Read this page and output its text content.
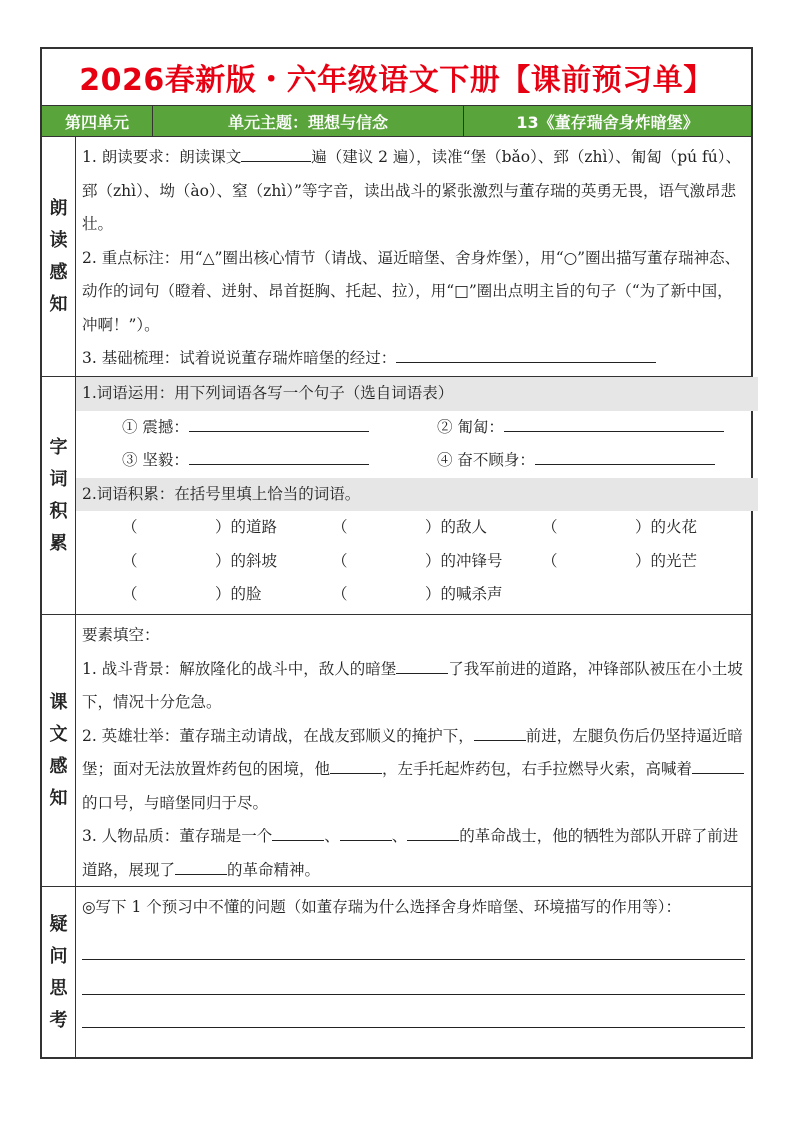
2026春新版・六年级语文下册【课前预习单】
第四单元	单元主题：理想与信念	13《董存瑞舍身炸暗堡》
朗
读
感
知
1. 朗读要求：朗读课文	遍（建议 2 遍），读准“堡（bǎo）、郅（zhì）、匍匐（pú fú）、郅（zhì）、坳（ào）、窒（zhì）”等字音，读出战斗的紧张激烈与董存瑞的英勇无畏，语气激昂悲壮。
2. 重点标注：用“△”圈出核心情节（请战、逼近暗堡、舍身炸堡），用“○”圈出描写董存瑞神态、动作的词句（瞪着、迸射、昂首挺胸、托起、拉），用“□”圈出点明主旨的句子（“为了新中国，冲啊！”）。
3. 基础梳理：试着说说董存瑞炸暗堡的经过：
字
词
积
累
1.词语运用：用下列词语各写一个句子（选自词语表）
① 震撼：	② 匍匐：
③ 坚毅：	④ 奋不顾身：
2.词语积累：在括号里填上恰当的词语。
（　　　　　）的道路	（　　　　　）的敌人	（　　　　　）的火花
（　　　　　）的斜坡	（　　　　　）的冲锋号	（　　　　　）的光芒
（　　　　　）的脸	（　　　　　）的喊杀声
课
文
感
知
要素填空：
1. 战斗背景：解放隆化的战斗中，敌人的暗堡	了我军前进的道路，冲锋部队被压在小土坡下，情况十分危急。
2. 英雄壮举：董存瑞主动请战，在战友郅顺义的掩护下，	前进，左腿负伤后仍坚持逼近暗堡；面对无法放置炸药包的困境，他	，左手托起炸药包，右手拉燃导火索，高喊着的口号，与暗堡同归于尽。
3. 人物品质：董存瑞是一个	、	、	的革命战士，他的牺牲为部队开辟了前进道路，展现了	的革命精神。
疑
问
思
考
◎写下 1 个预习中不懂的问题（如董存瑞为什么选择舍身炸暗堡、环境描写的作用等）：
